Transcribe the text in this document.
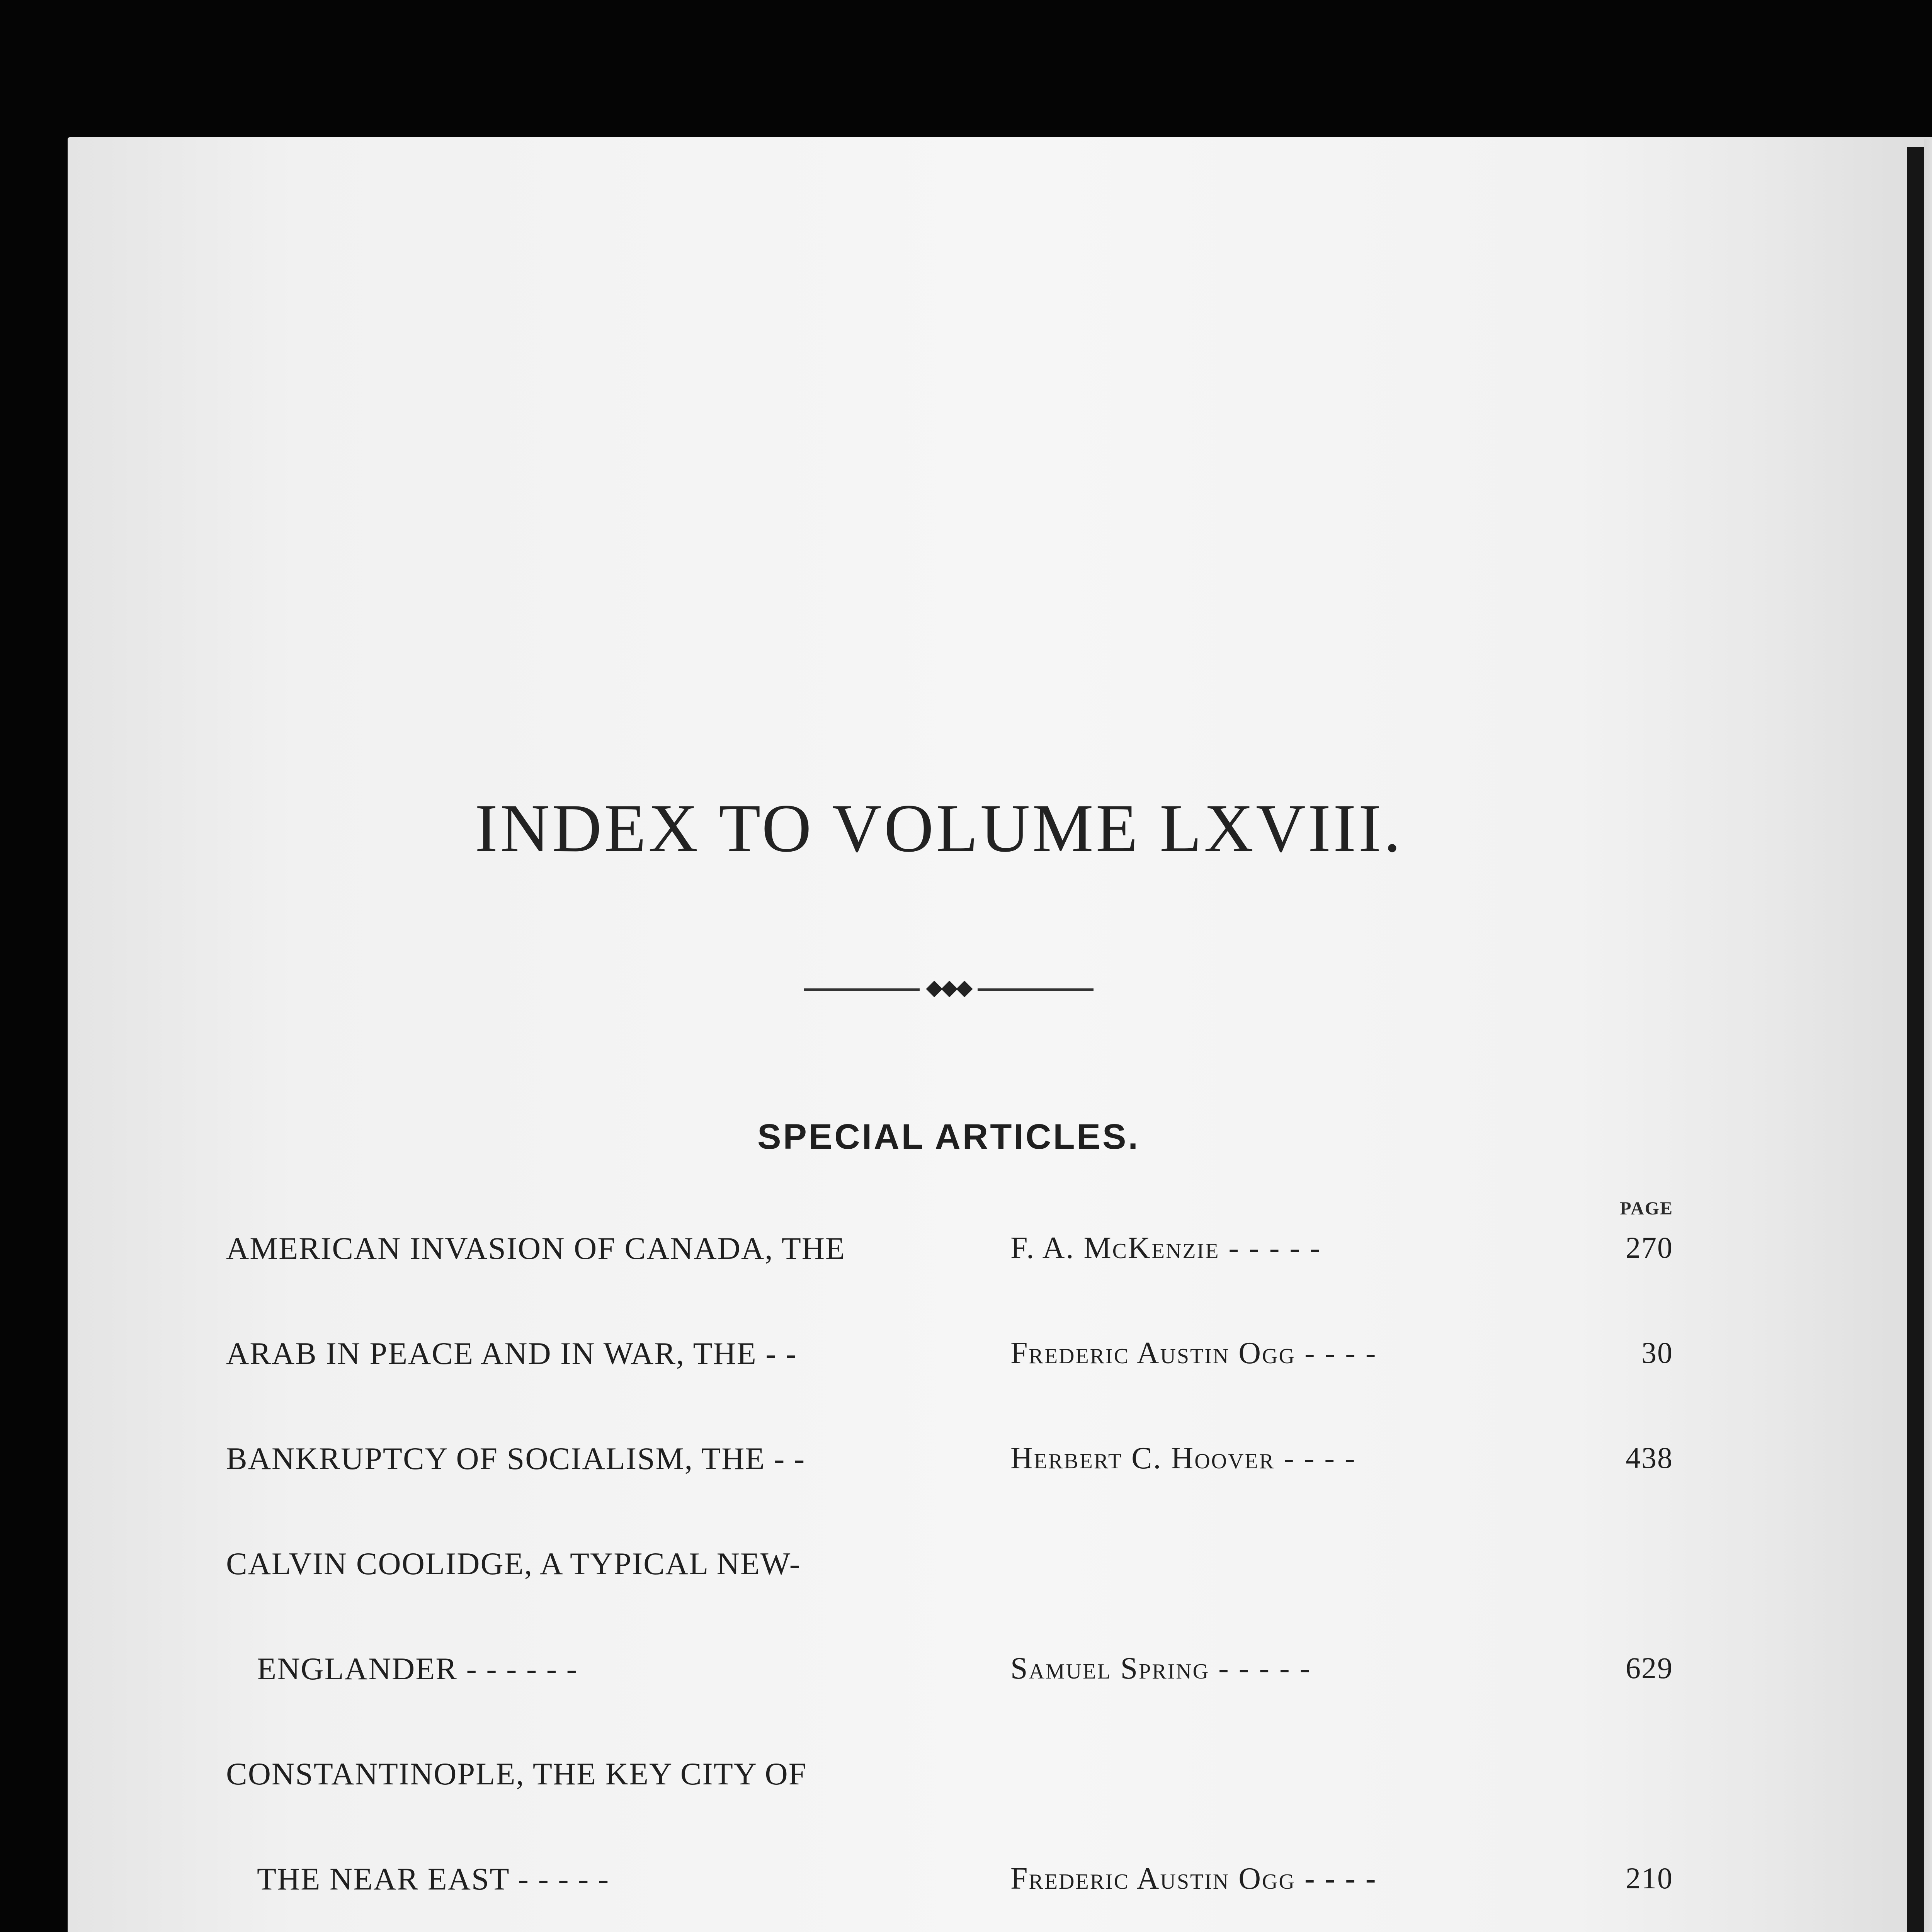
INDEX TO VOLUME LXVIII.
◆◆◆
SPECIAL ARTICLES.
PAGE
AMERICAN INVASION OF CANADA, THE	F. A. McKenzie - - - - -	270
ARAB IN PEACE AND IN WAR, THE - -	Frederic Austin Ogg - - - -	30
BANKRUPTCY OF SOCIALISM, THE - -	Herbert C. Hoover - - - -	438
CALVIN COOLIDGE, A TYPICAL NEW-
ENGLANDER - - - - - -	Samuel Spring - - - - -	629
CONSTANTINOPLE, THE KEY CITY OF
THE NEAR EAST - - - - -	Frederic Austin Ogg - - - -	210
